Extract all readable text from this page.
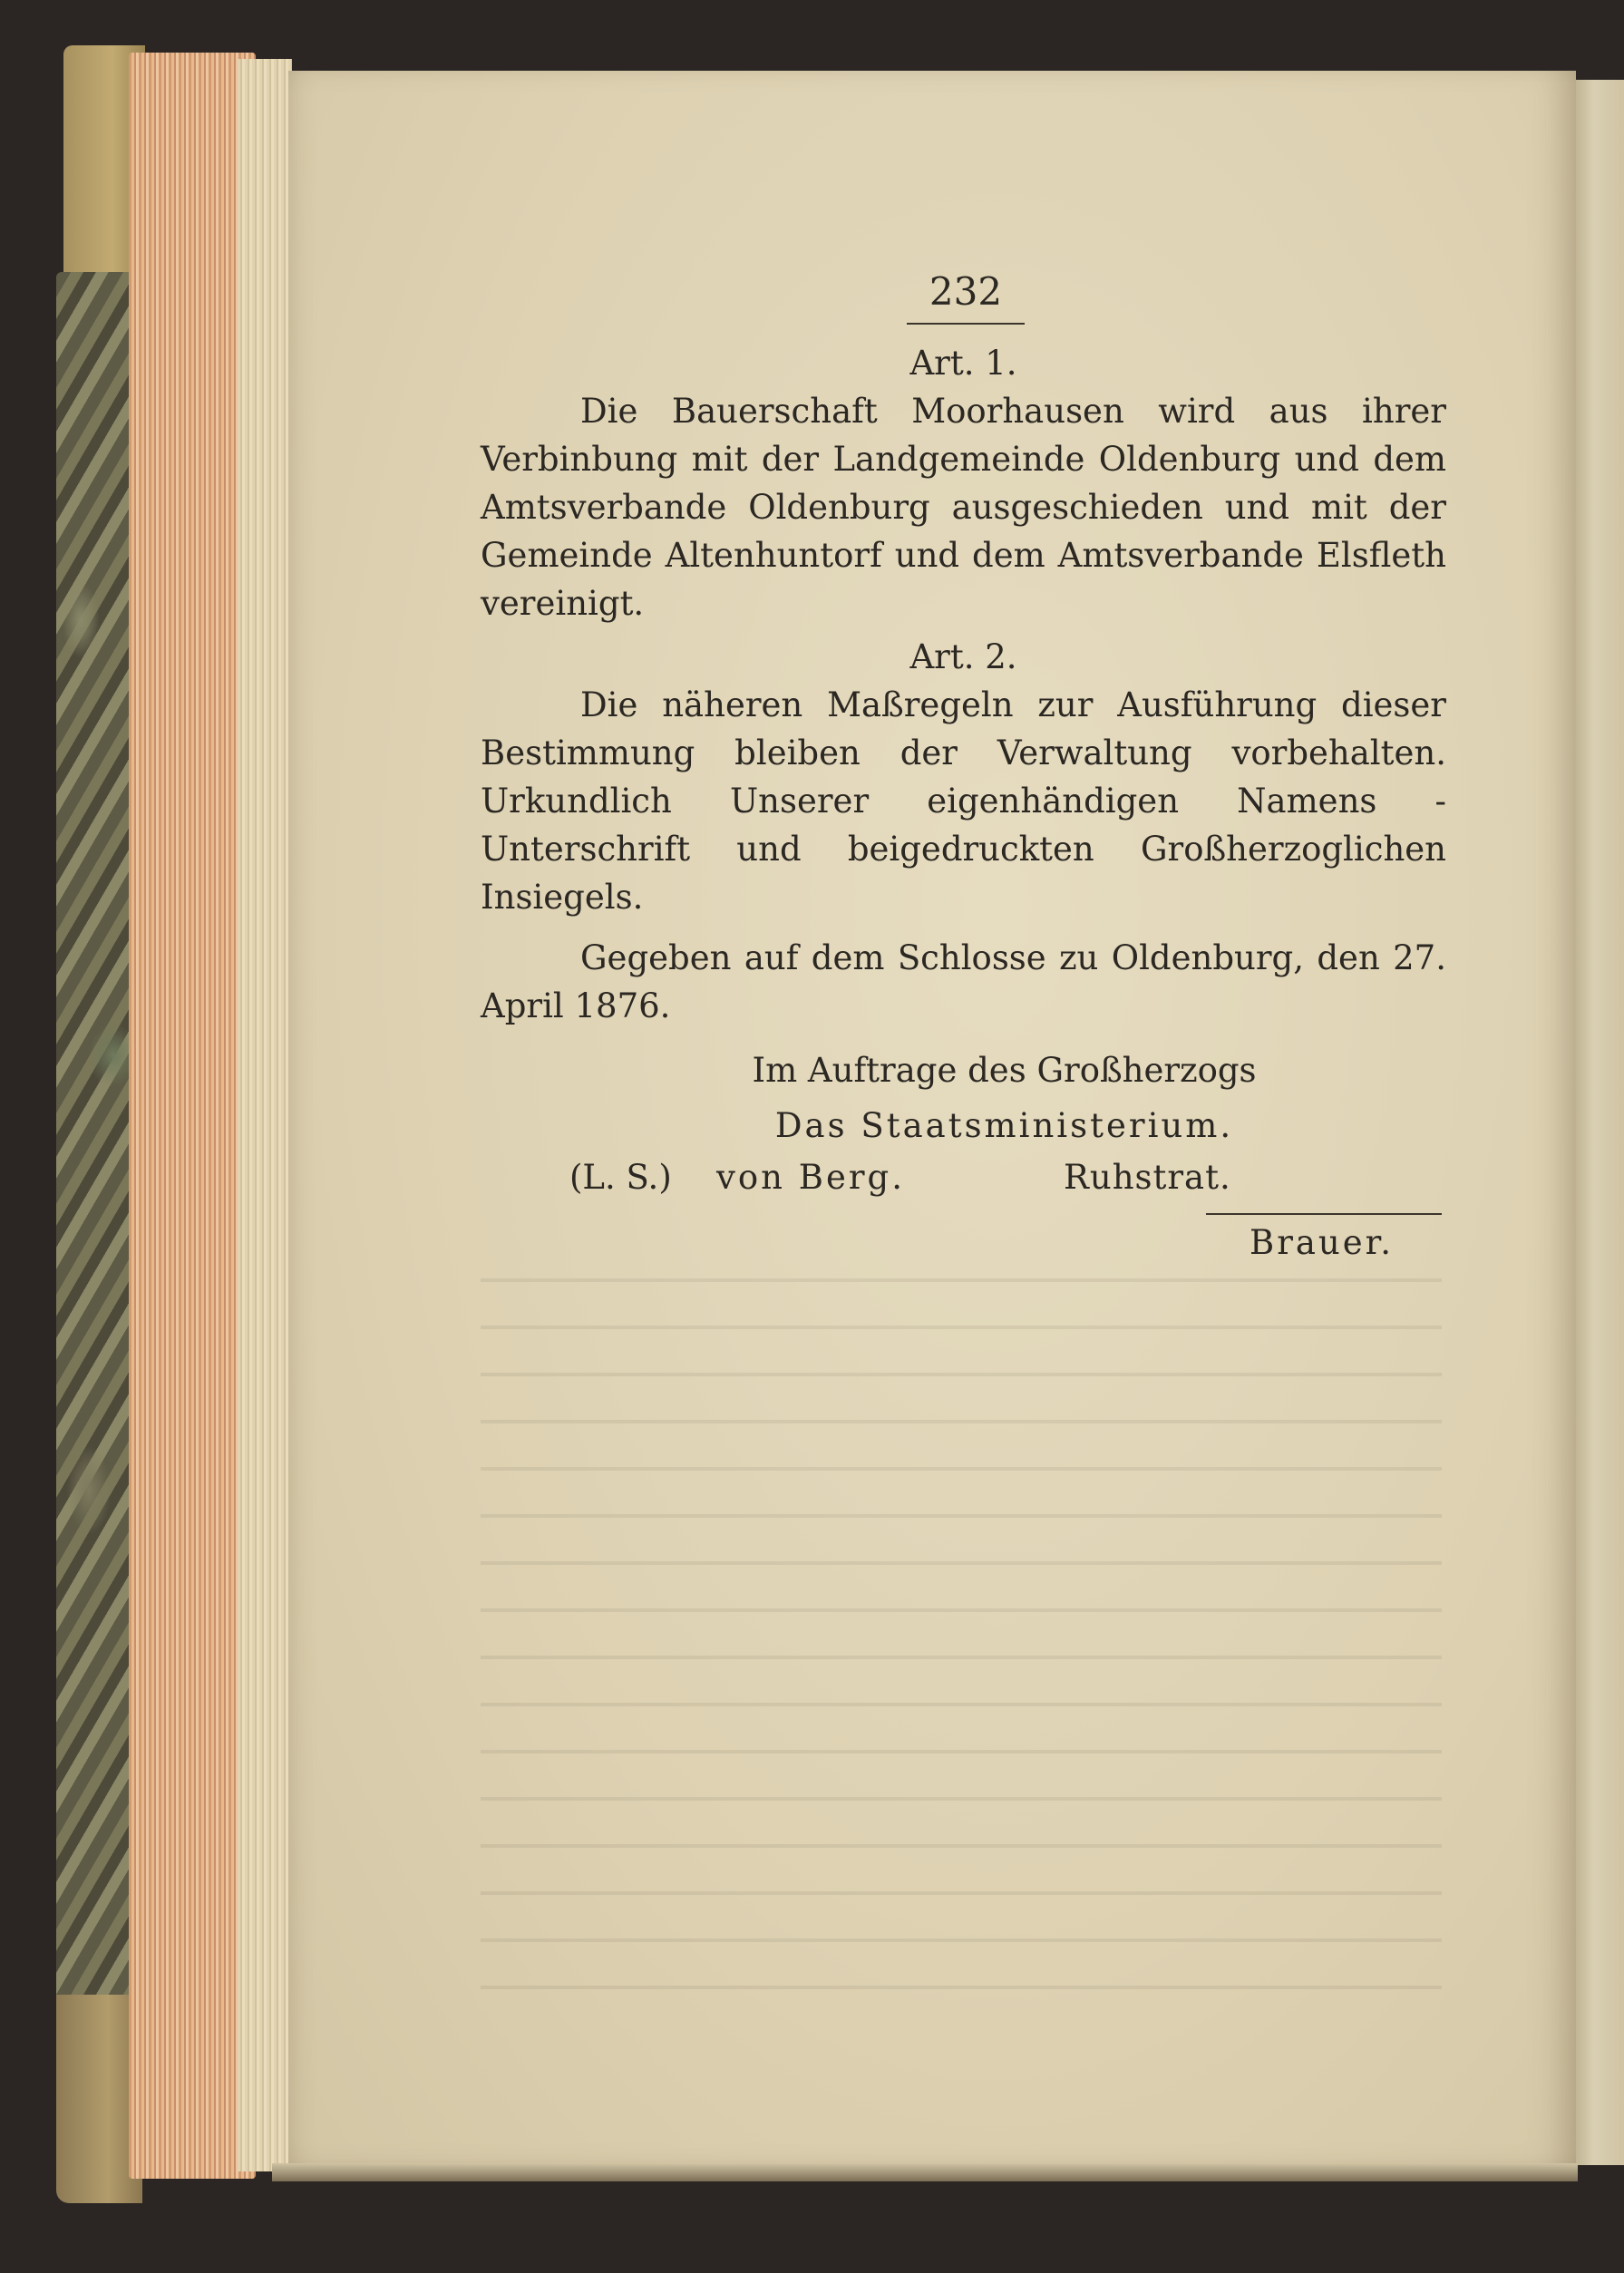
232
Art. 1.

Die Bauerschaft Moorhausen wird aus ihrer Verbinbung mit der Landgemeinde Oldenburg und dem Amtsverbande Oldenburg ausgeschieden und mit der Gemeinde Altenhuntorf und dem Amtsverbande Elsfleth vereinigt.

Art. 2.

Die näheren Maßregeln zur Ausführung dieser Bestimmung bleiben der Verwaltung vorbehalten. Urkundlich Unserer eigenhändigen Namens - Unterschrift und beigedruckten Großherzoglichen Insiegels.

Gegeben auf dem Schlosse zu Oldenburg, den 27. April 1876.

Im Auftrage des Großherzogs
Das Staatsministerium.
(L. S.) von Berg.	Ruhstrat.
Brauer.
